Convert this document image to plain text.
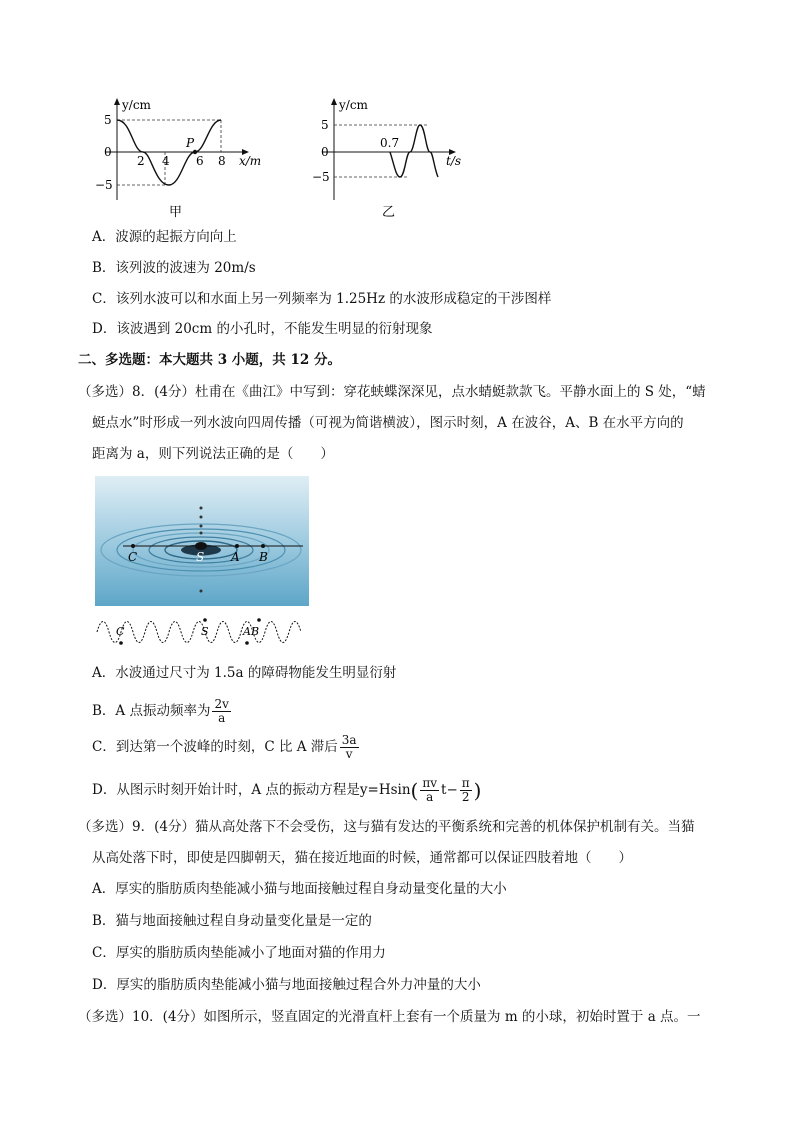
y/cm
x/m
5
0
−5
2 4 6 8
P
甲
y/cm
t/s
5
0
−5
0.7
乙
A．波源的起振方向向上
B．该列波的波速为 20m/s
C．该列水波可以和水面上另一列频率为 1.25Hz 的水波形成稳定的干涉图样
D．该波遇到 20cm 的小孔时，不能发生明显的衍射现象
二、多选题：本大题共 3 小题，共 12 分。
（多选）8．(4分）杜甫在《曲江》中写到：穿花蛱蝶深深见，点水蜻蜓款款飞。平静水面上的 S 处，“蜻
蜓点水”时形成一列水波向四周传播（可视为简谐横波），图示时刻，A 在波谷，A、B 在水平方向的
距离为 a，则下列说法正确的是（　　）
C	S A B
C	S	AB
A．水波通过尺寸为 1.5a 的障碍物能发生明显衍射
B．A 点振动频率为 $\frac{2v}{a}$
C．到达第一个波峰的时刻，C 比 A 滞后 $\frac{3a}{v}$
D．从图示时刻开始计时，A 点的振动方程是$y=Hsin( \frac{\pi v}{a} t- \frac{\pi}{2}$ )
（多选）9．(4分）猫从高处落下不会受伤，这与猫有发达的平衡系统和完善的机体保护机制有关。当猫
从高处落下时，即使是四脚朝天，猫在接近地面的时候，通常都可以保证四肢着地（　　）
A．厚实的脂肪质肉垫能减小猫与地面接触过程自身动量变化量的大小
B．猫与地面接触过程自身动量变化量是一定的
C．厚实的脂肪质肉垫能减小了地面对猫的作用力
D．厚实的脂肪质肉垫能减小猫与地面接触过程合外力冲量的大小
（多选）10．(4分）如图所示，竖直固定的光滑直杆上套有一个质量为 m 的小球，初始时置于 a 点。一
